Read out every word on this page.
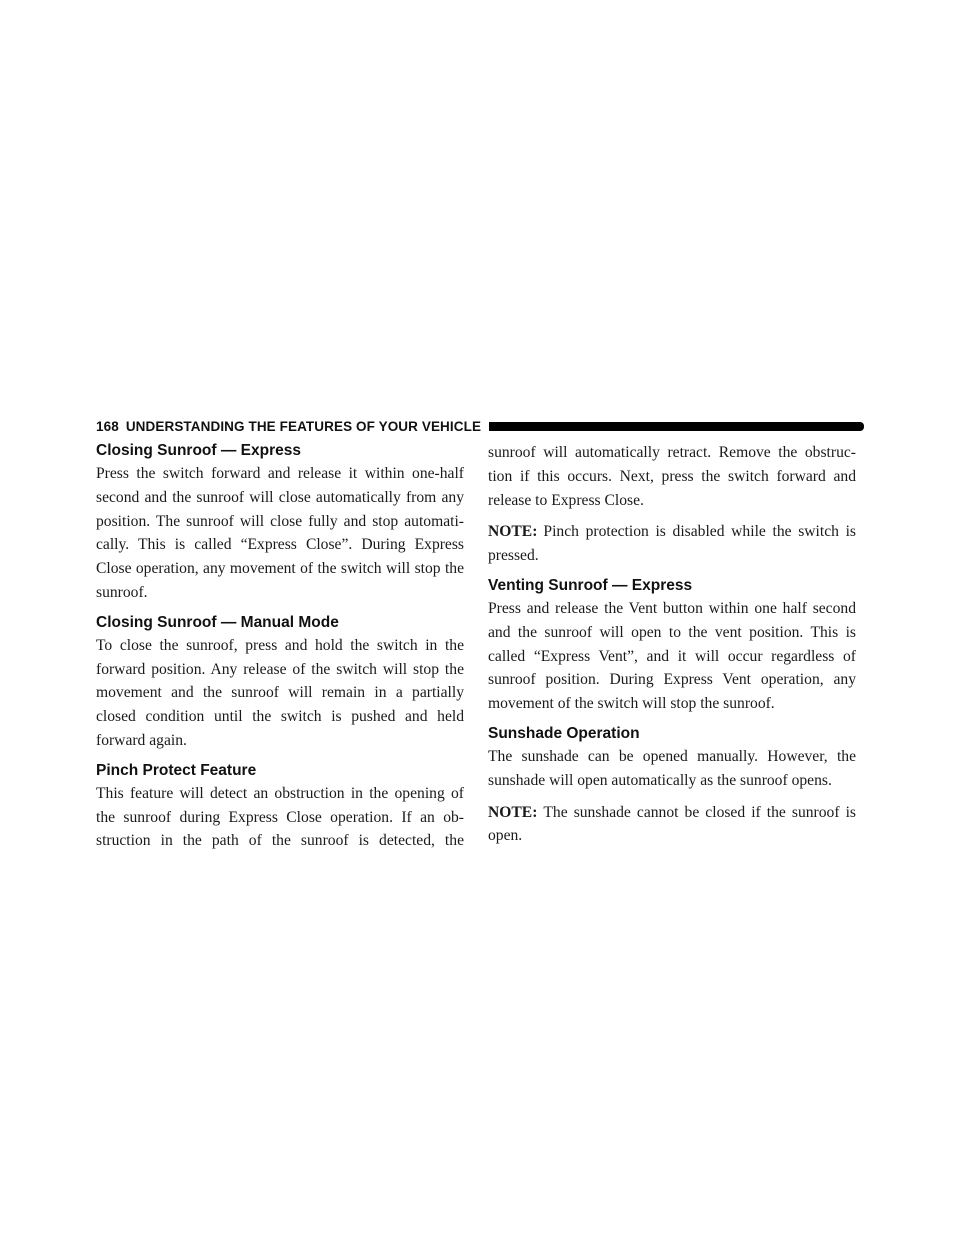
168 UNDERSTANDING THE FEATURES OF YOUR VEHICLE
Closing Sunroof — Express

Press the switch forward and release it within one-half second and the sunroof will close automatically from any position. The sunroof will close fully and stop automati-cally. This is called “Express Close”. During Express Close operation, any movement of the switch will stop the sunroof.

Closing Sunroof — Manual Mode

To close the sunroof, press and hold the switch in the forward position. Any release of the switch will stop the movement and the sunroof will remain in a partially closed condition until the switch is pushed and held forward again.

Pinch Protect Feature

This feature will detect an obstruction in the opening of the sunroof during Express Close operation. If an ob-struction in the path of the sunroof is detected, the

sunroof will automatically retract. Remove the obstruc-tion if this occurs. Next, press the switch forward and release to Express Close.

NOTE: Pinch protection is disabled while the switch is pressed.

Venting Sunroof — Express

Press and release the Vent button within one half second and the sunroof will open to the vent position. This is called “Express Vent”, and it will occur regardless of sunroof position. During Express Vent operation, any movement of the switch will stop the sunroof.

Sunshade Operation

The sunshade can be opened manually. However, the sunshade will open automatically as the sunroof opens.

NOTE: The sunshade cannot be closed if the sunroof is open.
